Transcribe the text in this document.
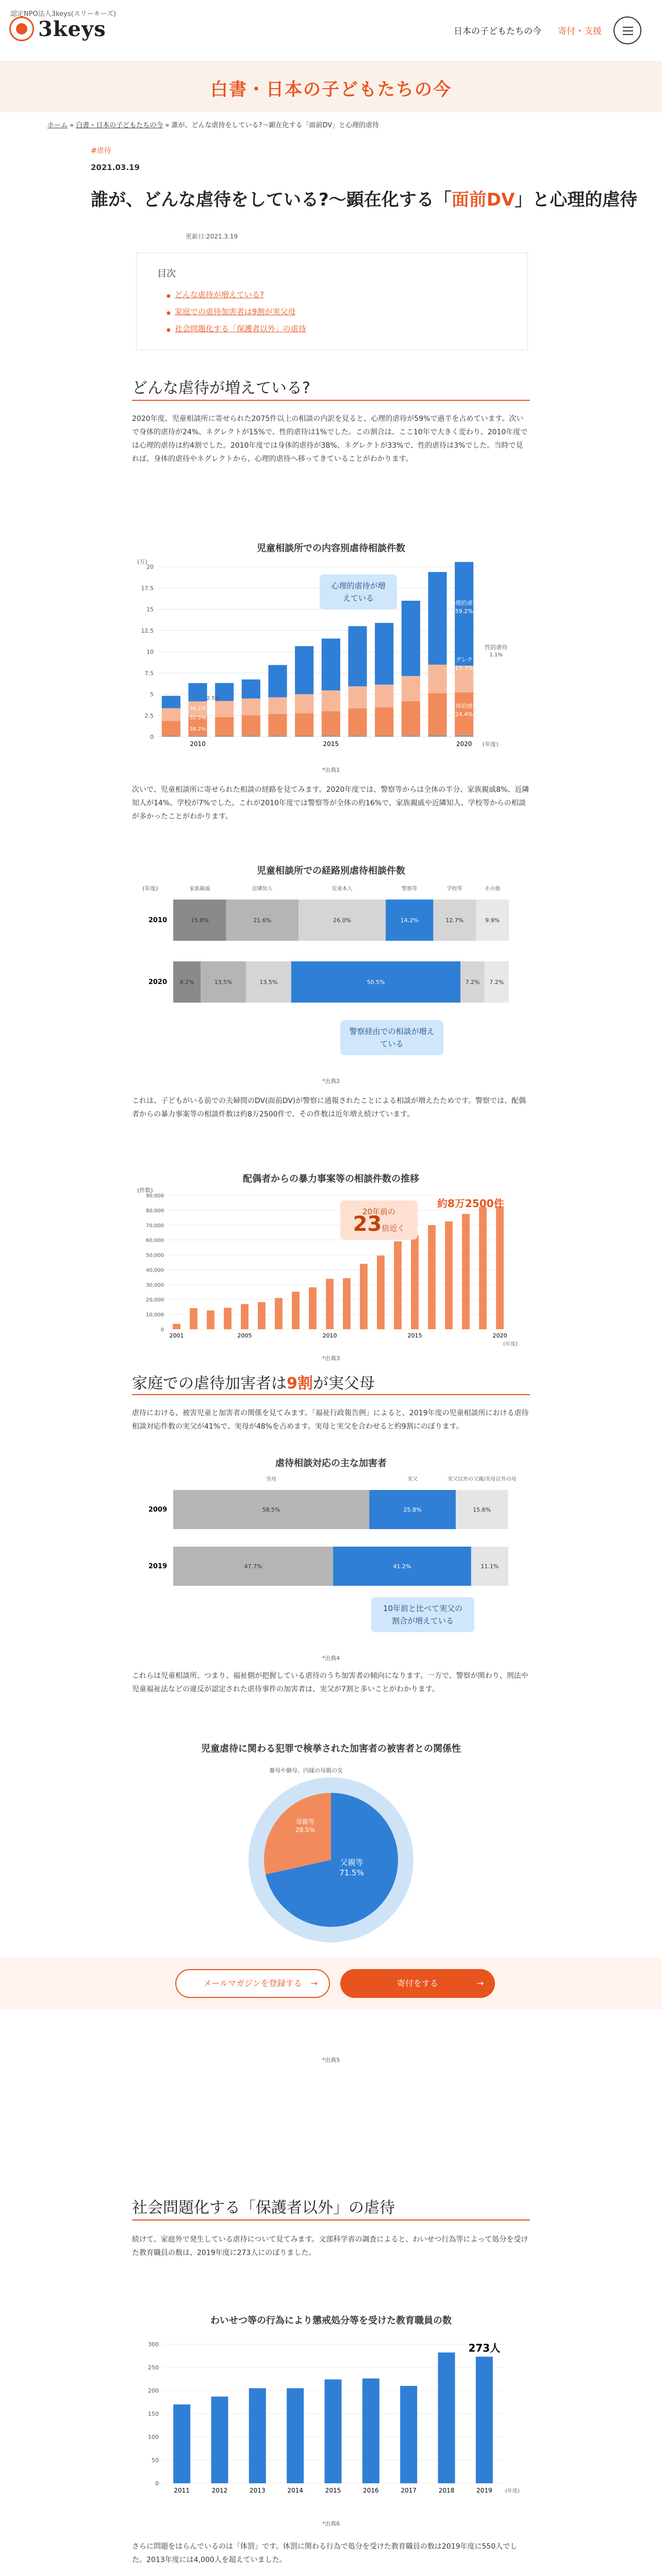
認定NPO法人3keys(スリーキーズ)
3keys	日本の子どもたちの今 寄付・支援
白書・日本の子どもたちの今
ホーム » 白書・日本の子どもたちの今 » 誰が、どんな虐待をしている?〜顕在化する「面前DV」と心理的虐待
#虐待
2021.03.19
誰が、どんな虐待をしている?〜顕在化する「面前DV」と心理的虐待
更新日:2021.3.19
目次
● どんな虐待が増えている?
● 家庭での虐待加害者は9割が実父母
● 社会問題化する「保護者以外」の虐待
どんな虐待が増えている?
2020年度、児童相談所に寄せられた2075件以上の相談の内訳を見ると、心理的虐待が59%で過半を占めています。次いで身体的虐待が24%、ネグレクトが15%で、性的虐待は1%でした。この割合は、ここ10年で大きく変わり、2010年度では心理的虐待は約4割でした。2010年度では身体的虐待が38%、ネグレクトが33%で、性的虐待は3%でした。当時で見れば、身体的虐待やネグレクトから、心理的虐待へ移ってきていることがわかります。
児童相談所での内容別虐待相談件数
(万)
0
2.5
5
7.5
10
12.5
15
17.5
20
2010	2015	2020 (年度)
36.1%
32.5%
38.2%
2.5%
59.2%
15.3%
24.4%
1.1%
心理的虐待
ネグレクト
身体的虐待
性的虐待
心理的虐待が増えている
*出典1
次いで、児童相談所に寄せられた相談の経路を見てみます。2020年度では、警察等からは全体の半分、家族親戚8%、近隣知人が14%、学校が7%でした。これが2010年度では警察等が全体の約16%で、家族親戚や近隣知人、学校等からの相談が多かったことがわかります。
児童相談所での経路別虐待相談件数
(年度)	家族親戚	近隣知人	児童本人	警察等	学校等	その他
2010	15.8%	21.6%	26.0%	14.2%	12.7%	9.9%
2020 8.2%	13.5%	13.5%	50.5%	7.2% 7.2%
警察経由での相談が増えている
*出典2
これは、子どもがいる前での夫婦間のDV(面前DV)が警察に通報されたことによる相談が増えたためです。警察では、配偶者からの暴力事案等の相談件数は約8万2500件で、その件数は近年増え続けています。
配偶者からの暴力事案等の相談件数の推移
(件数)
0
10,000
20,000
30,000
40,000
50,000
60,000
70,000
80,000
90,000
2001	2005	2010	2015	2020
(年度)
20年前の
23倍近く
約8万2500件
*出典3
家庭での虐待加害者は9割が実父母
虐待における、被害児童と加害者の関係を見てみます。「福祉行政報告例」によると、2019年度の児童相談所における虐待相談対応件数の実父が41%で、実母が48%を占めます。実母と実父を合わせると約9割にのぼります。
虐待相談対応の主な加害者
実母	実父	実父以外の父親/実母以外の母
2009	58.5%	25.8%	15.6%
2019	47.7%	41.2%	11.1%
10年前と比べて実父の割合が増えている
*出典4
これらは児童相談所、つまり、福祉側が把握している虐待のうち加害者の傾向になります。一方で、警察が関わり、刑法や児童福祉法などの違反が認定された虐待事件の加害者は、実父が7割と多いことがわかります。
児童虐待に関わる犯罪で検挙された加害者の被害者との関係性
母親等
28.5%
父親等
71.5%
養母や継母、内縁の母親の女
メールマガジンを登録する →	寄付をする →
*出典5
社会問題化する「保護者以外」の虐待
続けて、家庭外で発生している虐待について見てみます。文部科学省の調査によると、わいせつ行為等によって処分を受けた教育職員の数は、2019年度に273人にのぼりました。
わいせつ等の行為により懲戒処分等を受けた教育職員の数
0
50
100
150
200
250
300
2011	2012	2013	2014	2015	2016	2017	2018	2019	(年度)
273人
*出典6
さらに問題をはらんでいるのは「体罰」です。体罰に関わる行為で処分を受けた教育職員の数は2019年度に550人でした。2013年度には4,000人を超えていました。
